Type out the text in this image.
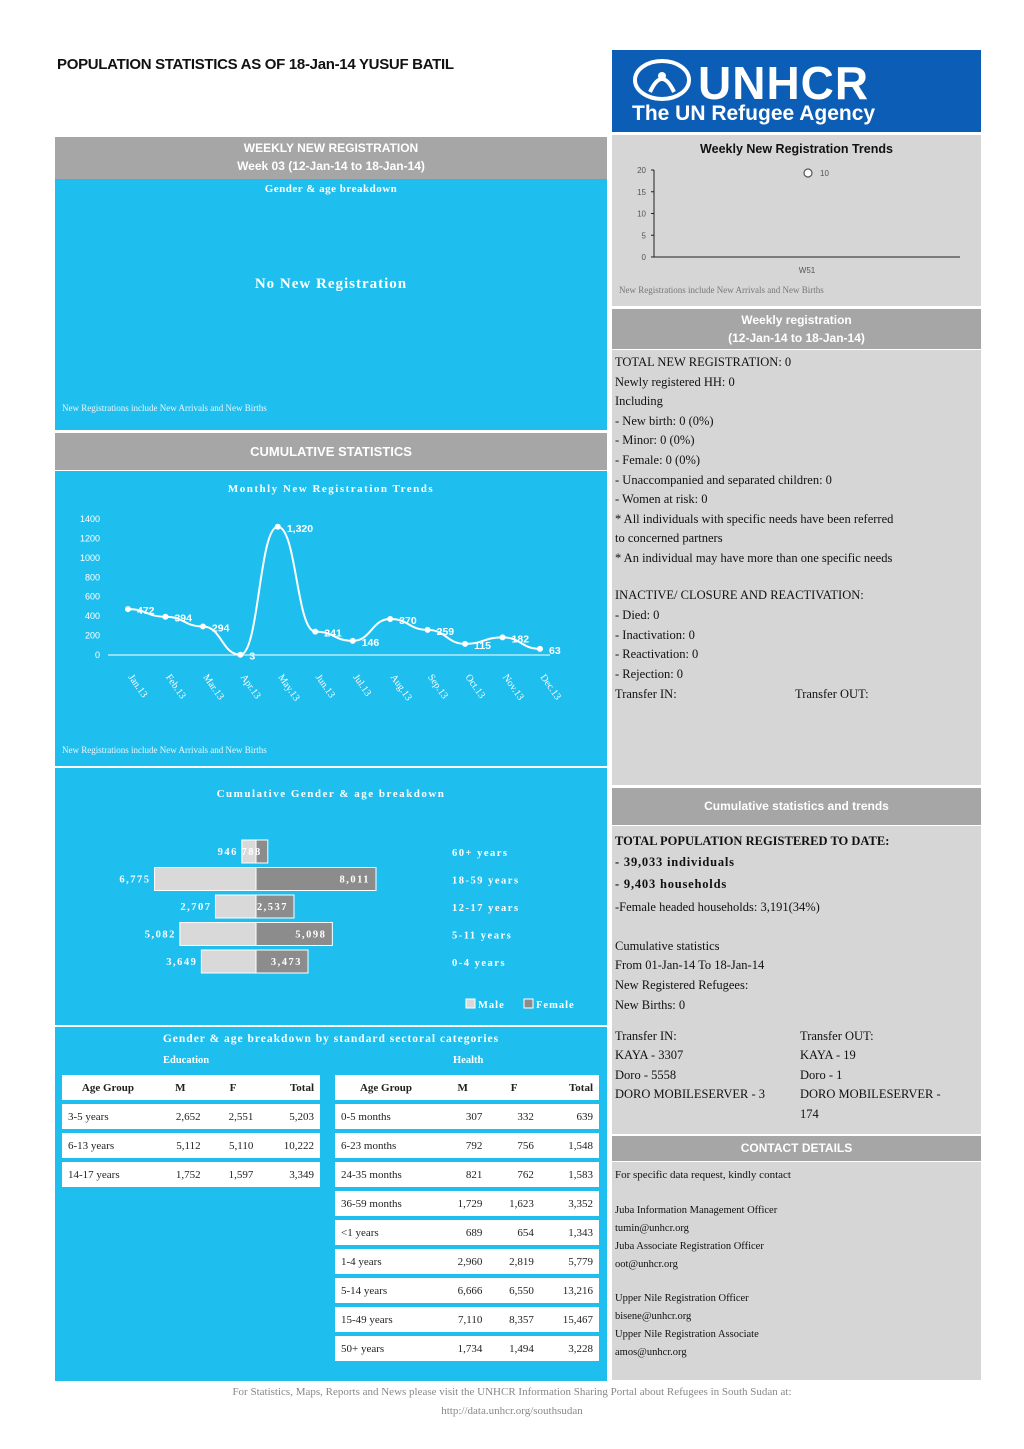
POPULATION STATISTICS AS OF 18-Jan-14 YUSUF BATIL	UNHCR
The UN Refugee Agency
WEEKLY NEW REGISTRATION
Week 03 (12-Jan-14 to 18-Jan-14)
Gender & age breakdown
No New Registration
New Registrations include New Arrivals and New Births
CUMULATIVE STATISTICS
Monthly New Registration Trends
0
200
400
600
800
1000
1200
1400
472
Jan.13
394
Feb.13
294
Mar.13
3
Apr.13
1,320
May.13
241
Jun.13
146
Jul.13
370
Aug.13
259
Sep.13
115
Oct.13
182
Nov.13
63
Dec.13
New Registrations include New Arrivals and New Births
Cumulative Gender & age breakdown
946 788	60+ years
6,775	8,011	18-59 years
2,707	2,537	12-17 years
5,082	5,098	5-11 years
3,649	3,473	0-4 years
Male	Female
Gender & age breakdown by standard sectoral categories
Education	Health
Age Group	M	F	Total
3-5 years	2,652	2,551	5,203
6-13 years	5,112	5,110	10,222
14-17 years	1,752	1,597	3,349
Age Group	M	F	Total
0-5 months	307	332	639
6-23 months	792	756	1,548
24-35 months	821	762	1,583
36-59 months	1,729	1,623	3,352
<1 years	689	654	1,343
1-4 years	2,960	2,819	5,779
5-14 years	6,666	6,550	13,216
15-49 years	7,110	8,357	15,467
50+ years	1,734	1,494	3,228
Weekly New Registration Trends
0
5
10
15
20
W51
10
New Registrations include New Arrivals and New Births
Weekly registration
(12-Jan-14 to 18-Jan-14)
TOTAL NEW REGISTRATION: 0
Newly registered HH: 0
Including
- New birth: 0 (0%)
- Minor: 0 (0%)
- Female: 0 (0%)
- Unaccompanied and separated children: 0
- Women at risk: 0
* All individuals with specific needs have been referred
to concerned partners
* An individual may have more than one specific needs
INACTIVE/ CLOSURE AND REACTIVATION:
- Died: 0
- Inactivation: 0
- Reactivation: 0
- Rejection: 0
Transfer IN:	Transfer OUT:
Cumulative statistics and trends
TOTAL POPULATION REGISTERED TO DATE:
- 39,033 individuals
- 9,403 households
-Female headed households: 3,191(34%)
Cumulative statistics
From 01-Jan-14 To 18-Jan-14
New Registered Refugees:
New Births: 0
Transfer IN:
KAYA - 3307
Doro - 5558
DORO MOBILESERVER - 3
Transfer OUT:
KAYA - 19
Doro - 1
DORO MOBILESERVER -
174
CONTACT DETAILS
For specific data request, kindly contact
Juba Information Management Officer
tumin@unhcr.org
Juba Associate Registration Officer
oot@unhcr.org
Upper Nile Registration Officer
bisene@unhcr.org
Upper Nile Registration Associate
amos@unhcr.org
For Statistics, Maps, Reports and News please visit the UNHCR Information Sharing Portal about Refugees in South Sudan at:
http://data.unhcr.org/southsudan
